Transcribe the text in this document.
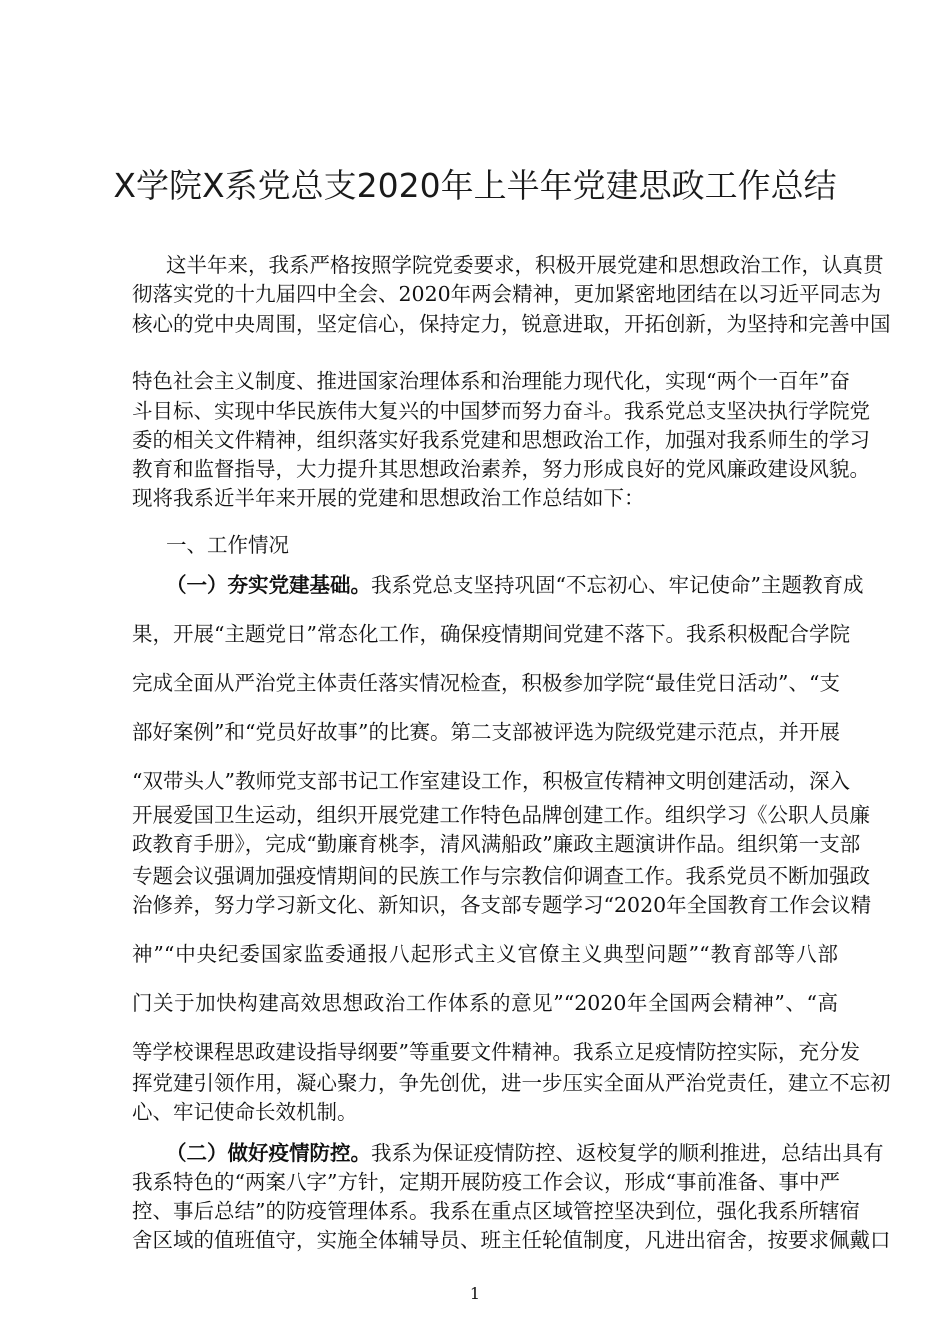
X学院X系党总支2020年上半年党建思政工作总结
这半年来，我系严格按照学院党委要求，积极开展党建和思想政治工作，认真贯
彻落实党的十九届四中全会、2020年两会精神，更加紧密地团结在以习近平同志为
核心的党中央周围，坚定信心，保持定力，锐意进取，开拓创新，为坚持和完善中国
特色社会主义制度、推进国家治理体系和治理能力现代化，实现“两个一百年”奋
斗目标、实现中华民族伟大复兴的中国梦而努力奋斗。我系党总支坚决执行学院党
委的相关文件精神，组织落实好我系党建和思想政治工作，加强对我系师生的学习
教育和监督指导，大力提升其思想政治素养，努力形成良好的党风廉政建设风貌。
现将我系近半年来开展的党建和思想政治工作总结如下：
一、工作情况
（一）夯实党建基础。我系党总支坚持巩固“不忘初心、牢记使命”主题教育成
果，开展“主题党日”常态化工作，确保疫情期间党建不落下。我系积极配合学院
完成全面从严治党主体责任落实情况检查，积极参加学院“最佳党日活动”、“支
部好案例”和“党员好故事”的比赛。第二支部被评选为院级党建示范点，并开展
“双带头人”教师党支部书记工作室建设工作，积极宣传精神文明创建活动，深入
开展爱国卫生运动，组织开展党建工作特色品牌创建工作。组织学习《公职人员廉
政教育手册》，完成“勤廉育桃李，清风满船政”廉政主题演讲作品。组织第一支部
专题会议强调加强疫情期间的民族工作与宗教信仰调查工作。我系党员不断加强政
治修养，努力学习新文化、新知识，各支部专题学习“2020年全国教育工作会议精
神”“中央纪委国家监委通报八起形式主义官僚主义典型问题”“教育部等八部
门关于加快构建高效思想政治工作体系的意见”“2020年全国两会精神”、“高
等学校课程思政建设指导纲要”等重要文件精神。我系立足疫情防控实际，充分发
挥党建引领作用，凝心聚力，争先创优，进一步压实全面从严治党责任，建立不忘初
心、牢记使命长效机制。
（二）做好疫情防控。我系为保证疫情防控、返校复学的顺利推进，总结出具有
我系特色的“两案八字”方针，定期开展防疫工作会议，形成“事前准备、事中严
控、事后总结”的防疫管理体系。我系在重点区域管控坚决到位，强化我系所辖宿
舍区域的值班值守，实施全体辅导员、班主任轮值制度，凡进出宿舍，按要求佩戴口
1
